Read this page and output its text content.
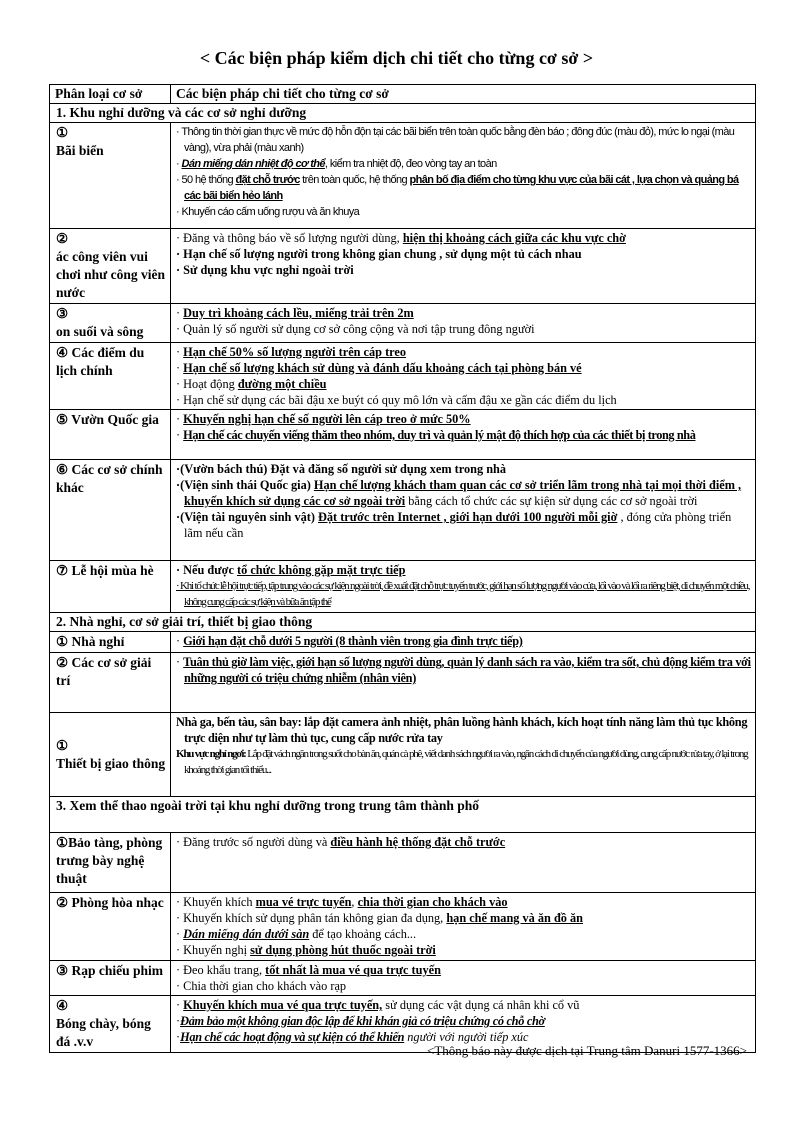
< Các biện pháp kiểm dịch chi tiết cho từng cơ sở >
Phân loại cơ sở	Các biện pháp chi tiết cho từng cơ sở
1. Khu nghỉ dưỡng và các cơ sở nghỉ dưỡng	

①
Bãi biển	· Thông tin thời gian thực về mức độ hỗn độn tại các bãi biển trên toàn quốc bằng đèn báo ; đông đúc (màu đỏ), mức lo ngại (màu vàng), vừa phải (màu xanh)
· Dán miếng dán nhiệt độ cơ thể, kiểm tra nhiệt độ, đeo vòng tay an toàn
· 50 hệ thống đặt chỗ trước trên toàn quốc, hệ thống phân bố địa điểm cho từng khu vực của bãi cát , lựa chọn và quảng bá các bãi biển hẻo lánh
· Khuyến cáo cấm uống rượu và ăn khuya

②
ác công viên vui chơi như công viên nước	· Đăng và thông báo về số lượng người dùng, hiện thị khoảng cách giữa các khu vực chờ
· Hạn chế số lượng người trong không gian chung , sử dụng một tủ cách nhau
· Sử dụng khu vực nghỉ ngoài trời

③
on suối và sông	· Duy trì khoảng cách lều, miếng trải trên 2m
· Quản lý số người sử dụng cơ sở công cộng và nơi tập trung đông người

④ Các điểm du lịch chính	· Hạn chế 50% số lượng người trên cáp treo
· Hạn chế số lượng khách sử dùng và đánh dấu khoảng cách tại phòng bán vé
· Hoạt động đường một chiều
· Hạn chế sử dụng các bãi đậu xe buýt có quy mô lớn và cấm đậu xe gần các điểm du lịch

⑤ Vườn Quốc gia	· Khuyến nghị hạn chế số người lên cáp treo ở mức 50%
· Hạn chế các chuyến viếng thăm theo nhóm, duy trì và quản lý mật độ thích hợp của các thiết bị trong nhà

⑥ Các cơ sở chính khác	·(Vườn bách thú) Đặt và đăng số người sử dụng xem trong nhà
·(Viện sinh thái Quốc gia) Hạn chế lượng khách tham quan các cơ sở triển lãm trong nhà tại mọi thời điểm , khuyến khích sử dụng các cơ sở ngoài trời bằng cách tổ chức các sự kiện sử dụng các cơ sở ngoài trời
·(Viện tài nguyên sinh vật) Đặt trước trên Internet , giới hạn dưới 100 người mỗi giờ , đóng cửa phòng triển lãm nếu cần

⑦ Lễ hội mùa hè	· Nếu được tổ chức không gặp mặt trực tiếp
· Khi tổ chức lễ hội trực tiếp, tập trung vào các sự kiện ngoài trời, đề xuất đặt chỗ trực tuyến trước, giới hạn số lượng người vào cửa, lối vào và lối ra riêng biệt, di chuyển một chiều, không cung cấp các sự kiện và bữa ăn tập thể

2. Nhà nghỉ, cơ sở giải trí, thiết bị giao thông	
① Nhà nghỉ	· Giới hạn đặt chỗ dưới 5 người (8 thành viên trong gia đình trực tiếp)

② Các cơ sở giải trí	· Tuân thủ giờ làm việc, giới hạn số lượng người dùng, quản lý danh sách ra vào, kiểm tra sốt, chủ động kiểm tra với những người có triệu chứng nhiễm (nhân viên)

①
Thiết bị giao thông	Nhà ga, bến tàu, sân bay: lắp đặt camera ảnh nhiệt, phân luồng hành khách, kích hoạt tính năng làm thủ tục không trực diện như tự làm thủ tục, cung cấp nước rửa tay
Khu vực nghỉ ngơi: Lắp đặt vách ngăn trong suốt cho bàn ăn, quán cà phê, viết danh sách người ra vào, ngăn cách di chuyển của người dùng, cung cấp nước rửa tay, ở lại trong khoảng thời gian tối thiểu...

3. Xem thể thao ngoài trời tại khu nghỉ dưỡng trong trung tâm thành phố	
①Bảo tàng, phòng trưng bày nghệ thuật	· Đăng trước số người dùng và điều hành hệ thống đặt chỗ trước

② Phòng hòa nhạc	· Khuyến khích mua vé trực tuyến, chia thời gian cho khách vào
· Khuyến khích sử dụng phân tán không gian đa dụng, hạn chế mang và ăn đồ ăn
· Dán miếng dán dưới sàn để tạo khoảng cách...
· Khuyến nghị sử dụng phòng hút thuốc ngoài trời

③ Rạp chiếu phim	· Đeo khẩu trang, tốt nhất là mua vé qua trực tuyến
· Chia thời gian cho khách vào rạp

④
Bóng chày, bóng đá .v.v	· Khuyến khích mua vé qua trực tuyến, sử dụng các vật dụng cá nhân khi cổ vũ
·Đảm bảo một không gian độc lập để khi khán giả có triệu chứng có chỗ chờ
·Hạn chế các hoạt động và sự kiện có thể khiến người với người tiếp xúc
<Thông báo này được dịch tại Trung tâm Danuri 1577-1366>
